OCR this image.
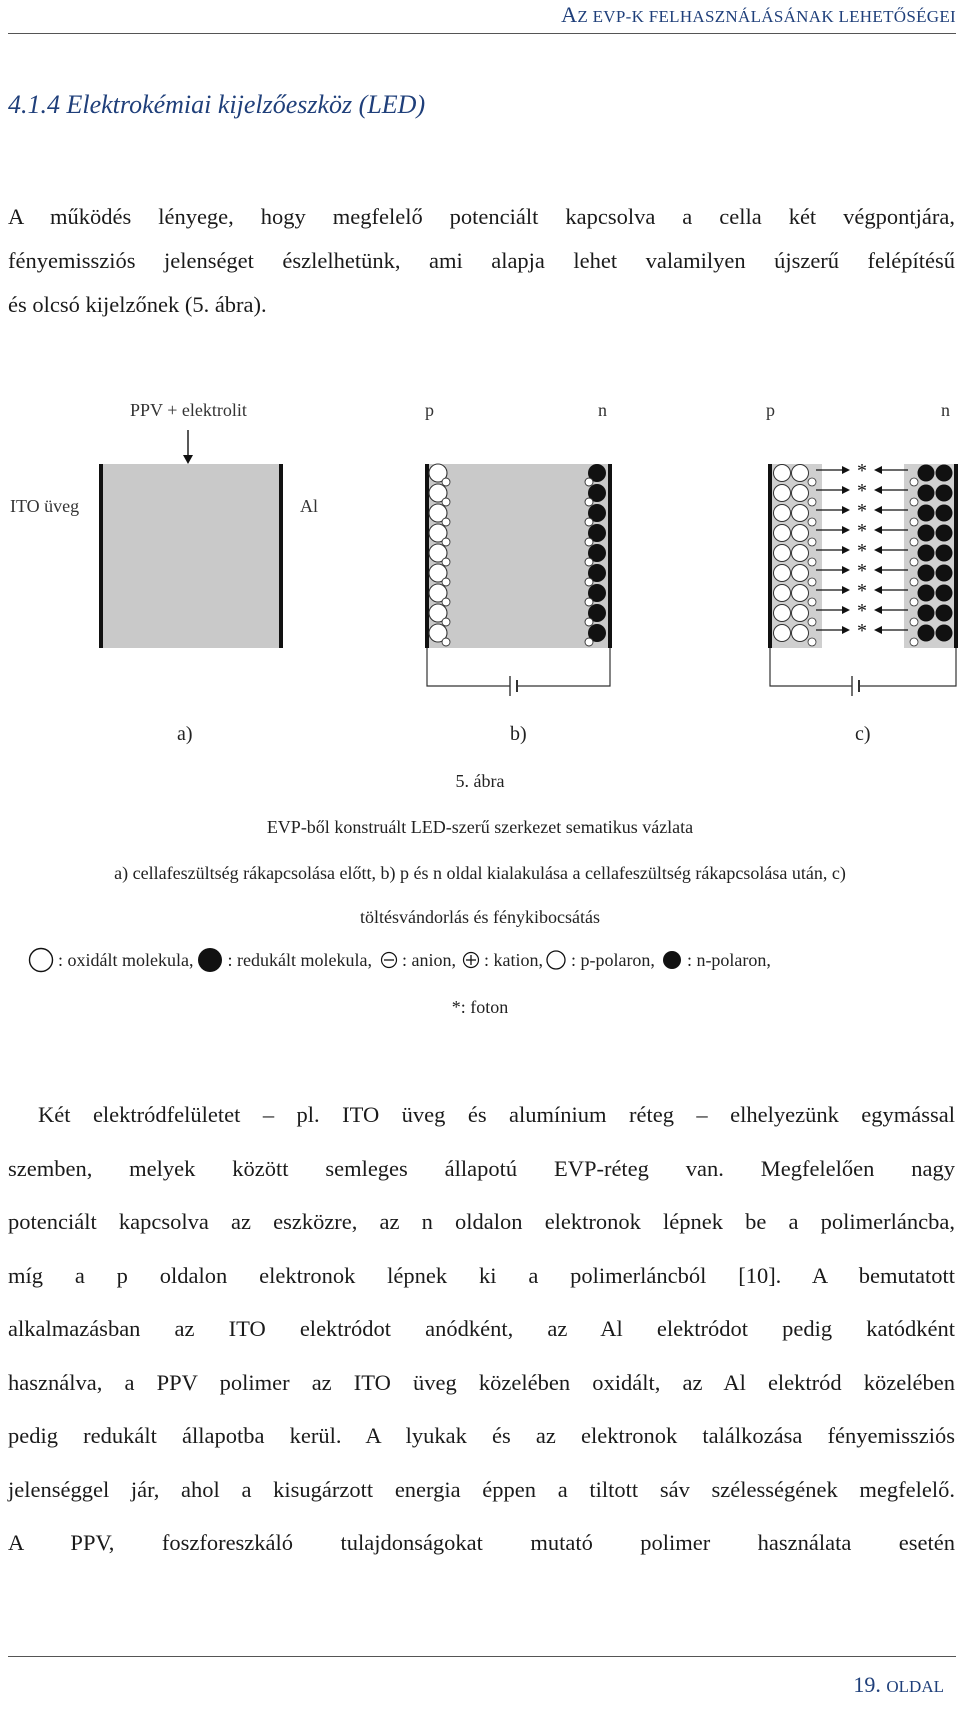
AZ EVP-K FELHASZNÁLÁSÁNAK LEHETŐSÉGEI
4.1.4 Elektrokémiai kijelzőeszköz (LED)
A működés lényege, hogy megfelelő potenciált kapcsolva a cella két végpontjára,
fényemissziós jelenséget észlelhetünk, ami alapja lehet valamilyen újszerű felépítésű
és olcsó kijelzőnek (5. ábra).
PPV + elektrolit
ITO üveg	Al
p	n	p	n
*
*
*
*
*
*
*
*
*
a)	b)	c)
5. ábra
EVP-ből konstruált LED-szerű szerkezet sematikus vázlata
a) cellafeszültség rákapcsolása előtt, b) p és n oldal kialakulása a cellafeszültség rákapcsolása után, c)
töltésvándorlás és fénykibocsátás
: oxidált molekula, : redukált molekula, : anion, : kation, : p-polaron, : n-polaron,
*: foton
Két elektródfelületet – pl. ITO üveg és alumínium réteg – elhelyezünk egymással
szemben, melyek között semleges állapotú EVP-réteg van. Megfelelően nagy
potenciált kapcsolva az eszközre, az n oldalon elektronok lépnek be a polimerláncba,
míg a p oldalon elektronok lépnek ki a polimerláncból [10]. A bemutatott
alkalmazásban az ITO elektródot anódként, az Al elektródot pedig katódként
használva, a PPV polimer az ITO üveg közelében oxidált, az Al elektród közelében
pedig redukált állapotba kerül. A lyukak és az elektronok találkozása fényemissziós
jelenséggel jár, ahol a kisugárzott energia éppen a tiltott sáv szélességének megfelelő.
A PPV, foszforeszkáló tulajdonságokat mutató polimer használata esetén
19. OLDAL
